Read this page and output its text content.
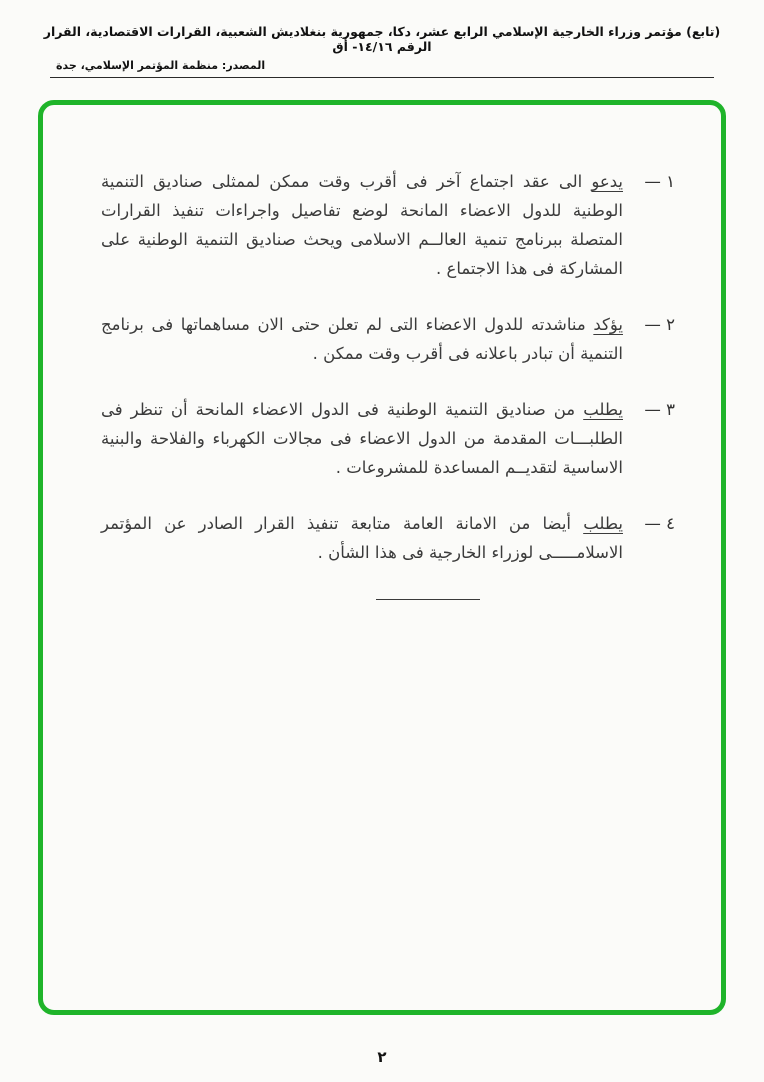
(تابع) مؤتمر وزراء الخارجية الإسلامي الرابع عشر، دكا، جمهورية بنغلاديش الشعبية، القرارات الاقتصادية، القرار الرقم ١٤/١٦- أق
المصدر: منظمة المؤتمر الإسلامي، جدة
١ —
يدعو الى عقد اجتماع آخر فى أقرب وقت ممكن لممثلى صناديق التنمية الوطنية للدول الاعضاء المانحة لوضع تفاصيل واجراءات تنفيذ القرارات المتصلة ببرنامج تنمية العالــم الاسلامى ويحث صناديق التنمية الوطنية على المشاركة فى هذا الاجتماع .
٢ —
يؤكد مناشدته للدول الاعضاء التى لم تعلن حتى الان مساهماتها فى برنامج التنمية أن تبادر باعلانه فى أقرب وقت ممكن .
٣ —
يطلب من صناديق التنمية الوطنية فى الدول الاعضاء المانحة أن تنظر فى الطلبـــات المقدمة من الدول الاعضاء فى مجالات الكهرباء والفلاحة والبنية الاساسية لتقديــم المساعدة للمشروعات .
٤ —
يطلب أيضا من الامانة العامة متابعة تنفيذ القرار الصادر عن المؤتمر الاسلامـــــى لوزراء الخارجية فى هذا الشأن .
٢
